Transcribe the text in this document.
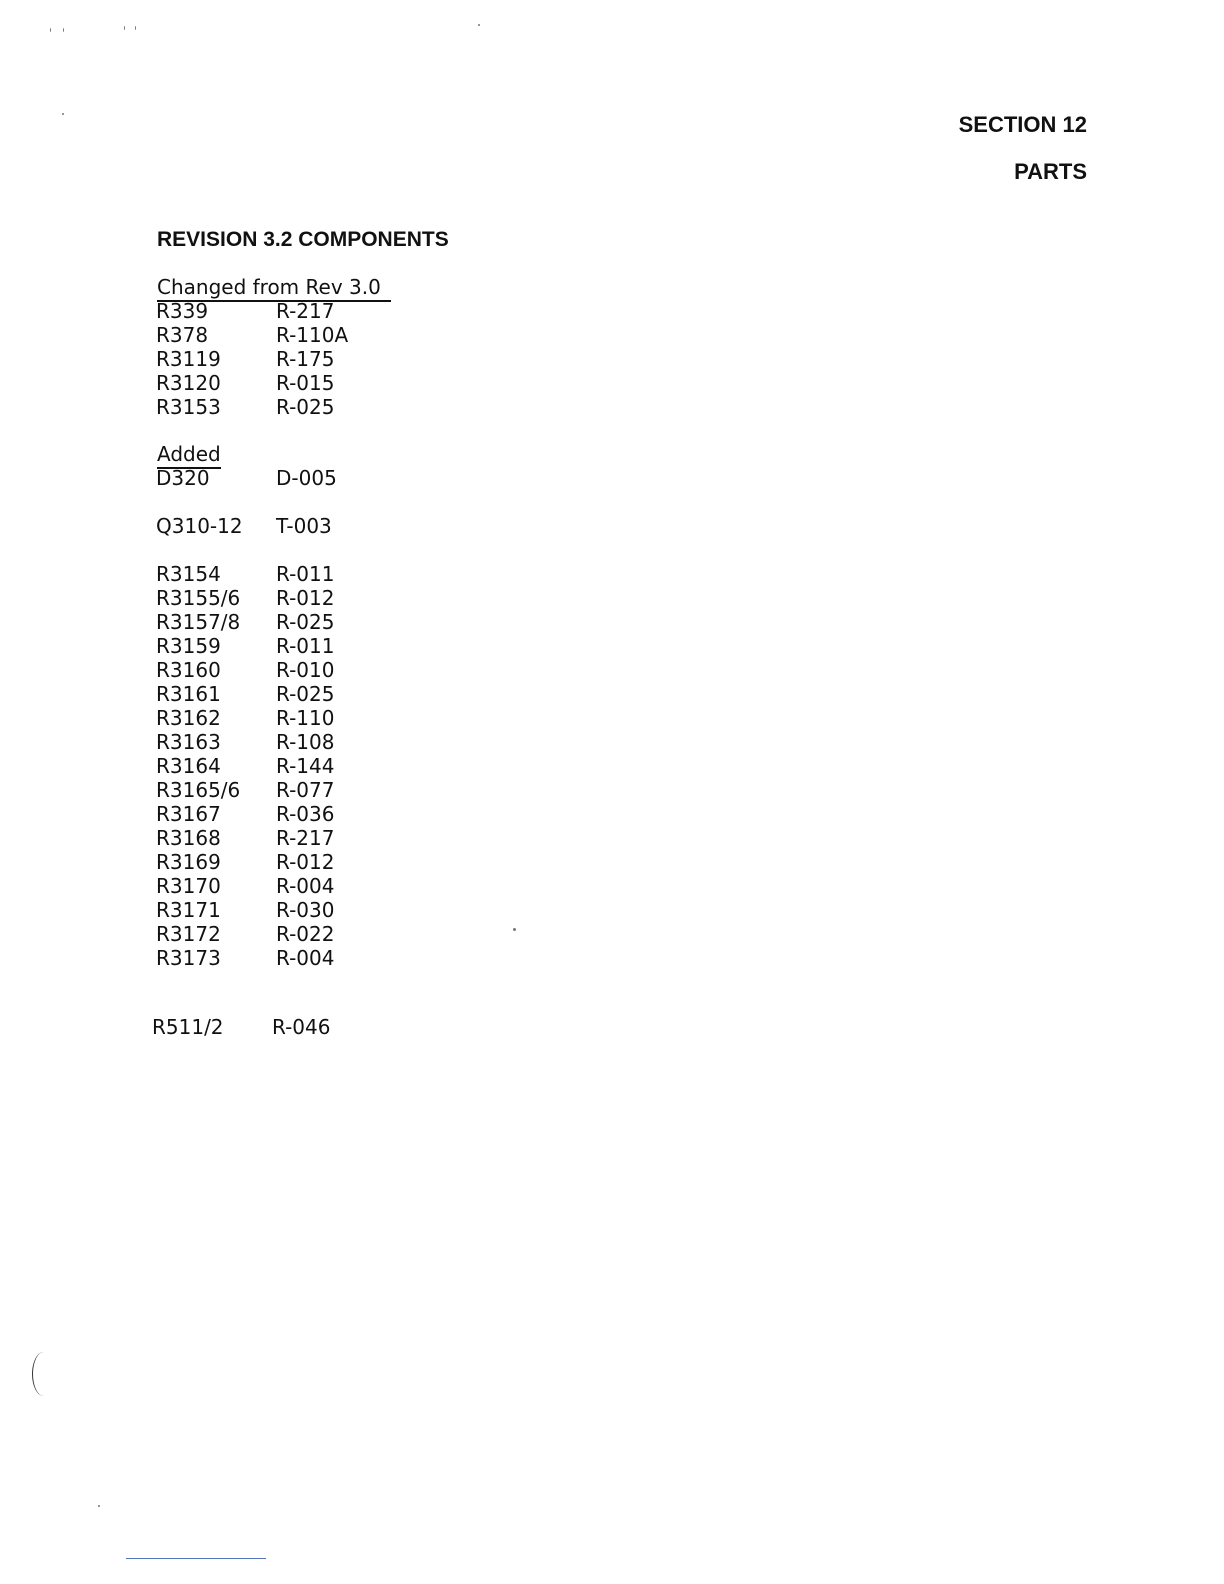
SECTION 12
PARTS
REVISION 3.2 COMPONENTS
Changed from Rev 3.0
R339	R-217
R378	R-110A
R3119	R-175
R3120	R-015
R3153	R-025
Added
D320	D-005
Q310-12	T-003
R3154	R-011
R3155/6	R-012
R3157/8	R-025
R3159	R-011
R3160	R-010
R3161	R-025
R3162	R-110
R3163	R-108
R3164	R-144
R3165/6	R-077
R3167	R-036
R3168	R-217
R3169	R-012
R3170	R-004
R3171	R-030
R3172	R-022
R3173	R-004
R511/2	R-046
